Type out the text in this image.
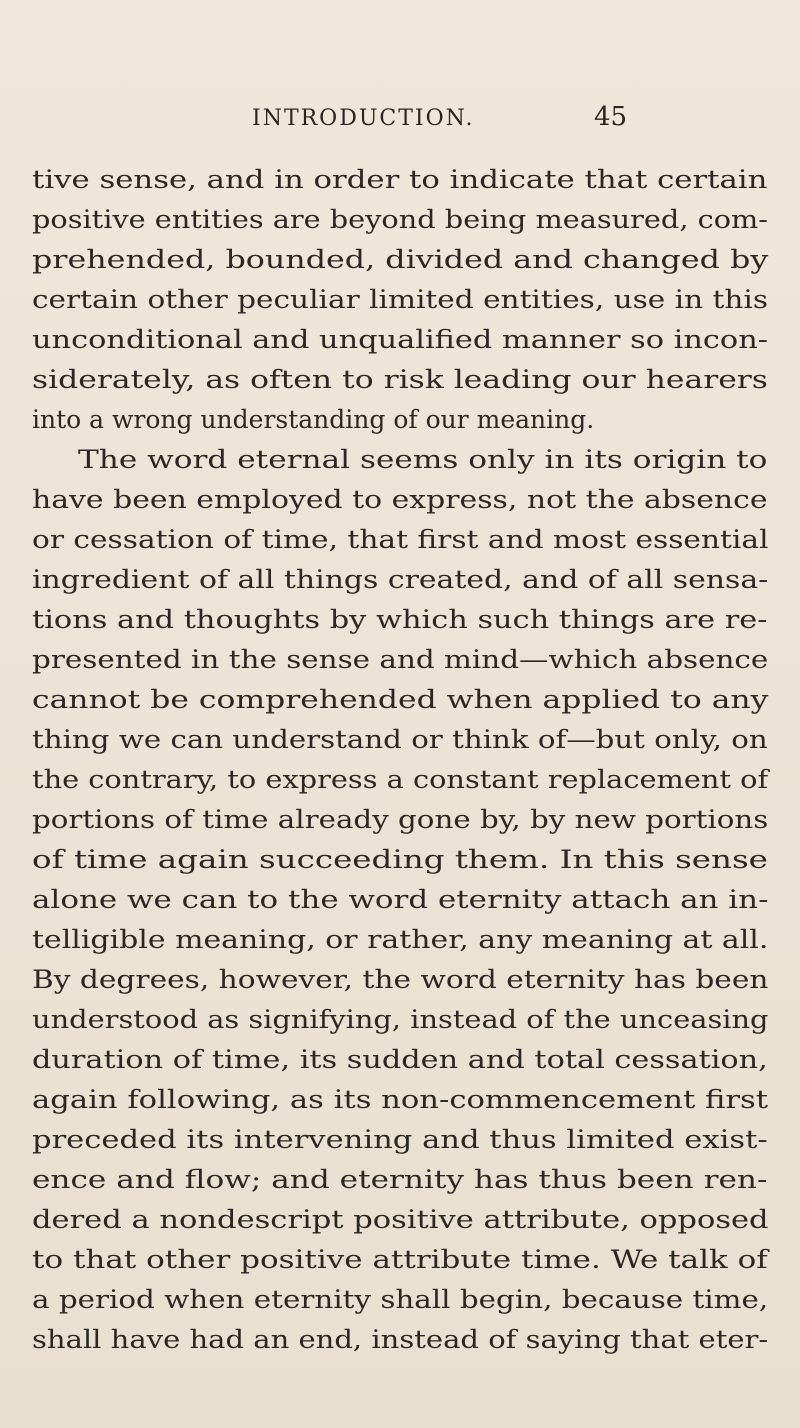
INTRODUCTION.	45
tive sense, and in order to indicate that certain
positive entities are beyond being measured, com-
prehended, bounded, divided and changed by
certain other peculiar limited entities, use in this
unconditional and unqualified manner so incon-
siderately, as often to risk leading our hearers
into a wrong understanding of our meaning.
The word eternal seems only in its origin to
have been employed to express, not the absence
or cessation of time, that first and most essential
ingredient of all things created, and of all sensa-
tions and thoughts by which such things are re-
presented in the sense and mind—which absence
cannot be comprehended when applied to any
thing we can understand or think of—but only, on
the contrary, to express a constant replacement of
portions of time already gone by, by new portions
of time again succeeding them. In this sense
alone we can to the word eternity attach an in-
telligible meaning, or rather, any meaning at all.
By degrees, however, the word eternity has been
understood as signifying, instead of the unceasing
duration of time, its sudden and total cessation,
again following, as its non-commencement first
preceded its intervening and thus limited exist-
ence and flow; and eternity has thus been ren-
dered a nondescript positive attribute, opposed
to that other positive attribute time. We talk of
a period when eternity shall begin, because time,
shall have had an end, instead of saying that eter-
